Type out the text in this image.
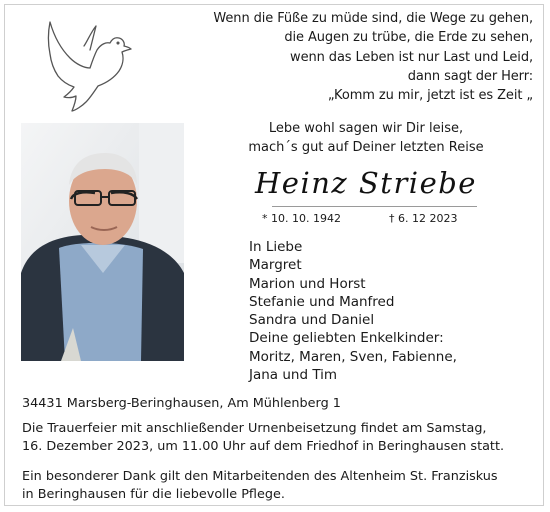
Wenn die Füße zu müde sind, die Wege zu gehen,
die Augen zu trübe, die Erde zu sehen,
wenn das Leben ist nur Last und Leid,
dann sagt der Herr:
„Komm zu mir, jetzt ist es Zeit „
Lebe wohl sagen wir Dir leise,
mach´s gut auf Deiner letzten Reise
Heinz Striebe
* 10. 10. 1942	† 6. 12 2023
In Liebe
Margret
Marion und Horst
Stefanie und Manfred
Sandra und Daniel
Deine geliebten Enkelkinder:
Moritz, Maren, Sven, Fabienne,
Jana und Tim
34431 Marsberg-Beringhausen, Am Mühlenberg 1
Die Trauerfeier mit anschließender Urnenbeisetzung findet am Samstag,
16. Dezember 2023, um 11.00 Uhr auf dem Friedhof in Beringhausen statt.
Ein besonderer Dank gilt den Mitarbeitenden des Altenheim St. Franziskus
in Beringhausen für die liebevolle Pflege.
